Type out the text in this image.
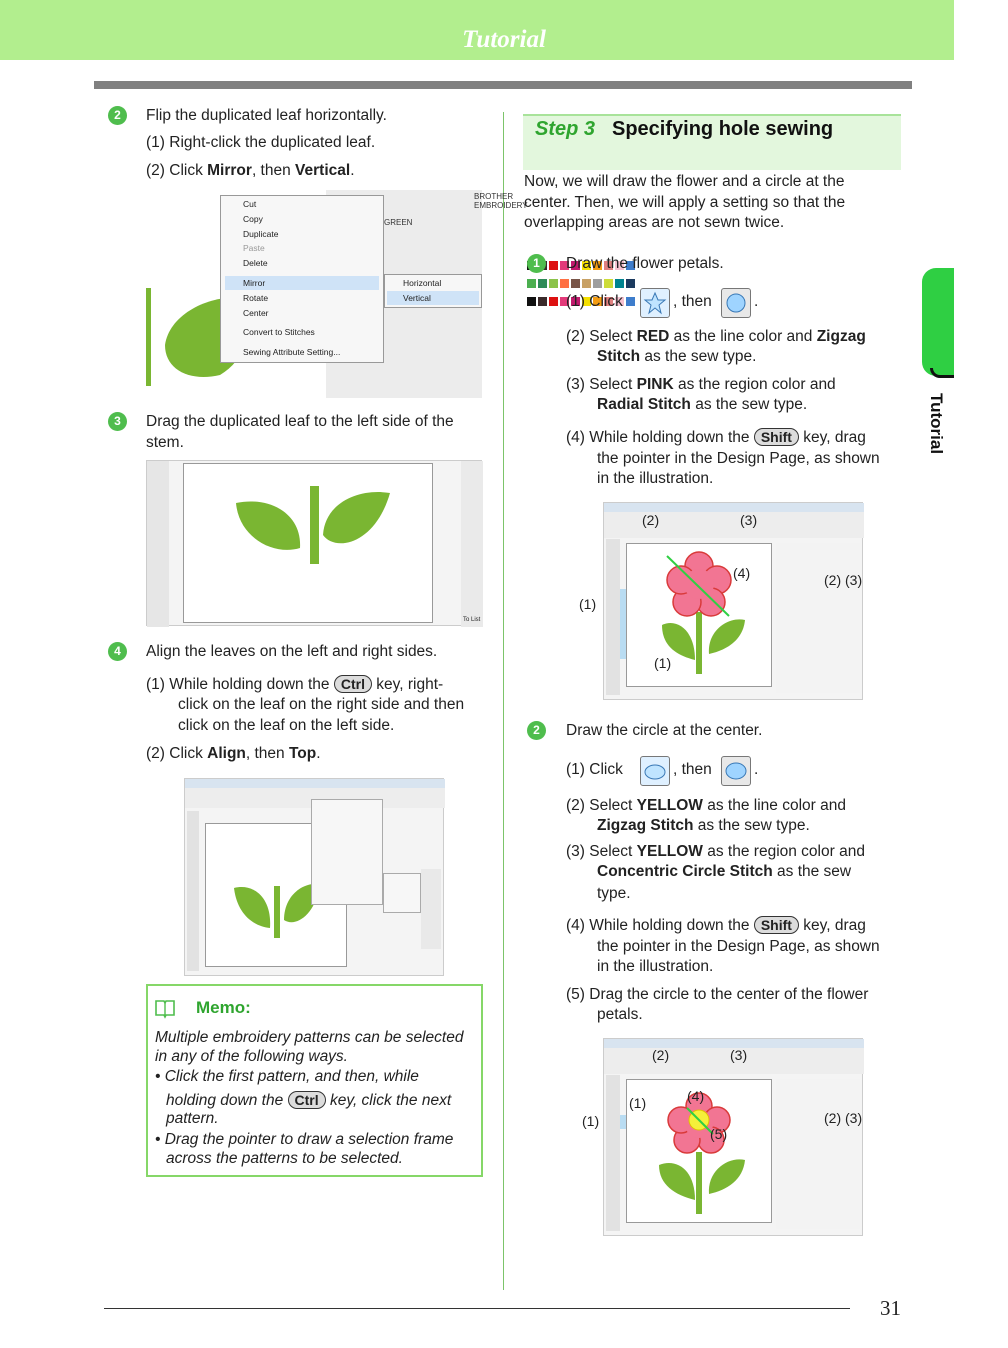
Tutorial
Tutorial
2	Flip the duplicated leaf horizontally.
(1) Right-click the duplicated leaf.
(2) Click Mirror, then Vertical.
BROTHER EMBROIDERY
GREEN
Cut
Copy
Duplicate
Paste
Delete
Mirror
Rotate
Center
Convert to Stitches
Sewing Attribute Setting...
Horizontal
Vertical
3	Drag the duplicated leaf to the left side of the
stem.
To List
4	Align the leaves on the left and right sides.
(1) While holding down the Ctrl key, right-
click on the leaf on the right side and then
click on the leaf on the left side.
(2) Click Align, then Top.
Memo:
Multiple embroidery patterns can be selected in any of the following ways.
• Click the first pattern, and then, while
holding down the Ctrl key, click the next
pattern.
• Drag the pointer to draw a selection frame
across the patterns to be selected.
Step 3 Specifying hole sewing
Now, we will draw the flower and a circle at the
center. Then, we will apply a setting so that the
overlapping areas are not sewn twice.
1	Draw the flower petals.
(1) Click	, then	.
(2) Select RED as the line color and Zigzag
Stitch as the sew type.
(3) Select PINK as the region color and
Radial Stitch as the sew type.
(4) While holding down the Shift key, drag
the pointer in the Design Page, as shown
in the illustration.
(2)	(3)
(4)	(2) (3)
(1)
(1)
2	Draw the circle at the center.
(1) Click	, then	.
(2) Select YELLOW as the line color and
Zigzag Stitch as the sew type.
(3) Select YELLOW as the region color and
Concentric Circle Stitch as the sew
type.
(4) While holding down the Shift key, drag
the pointer in the Design Page, as shown
in the illustration.
(5) Drag the circle to the center of the flower
petals.
(2)	(3)
(4)
(1)
(5)
(2) (3)
(1)
31
